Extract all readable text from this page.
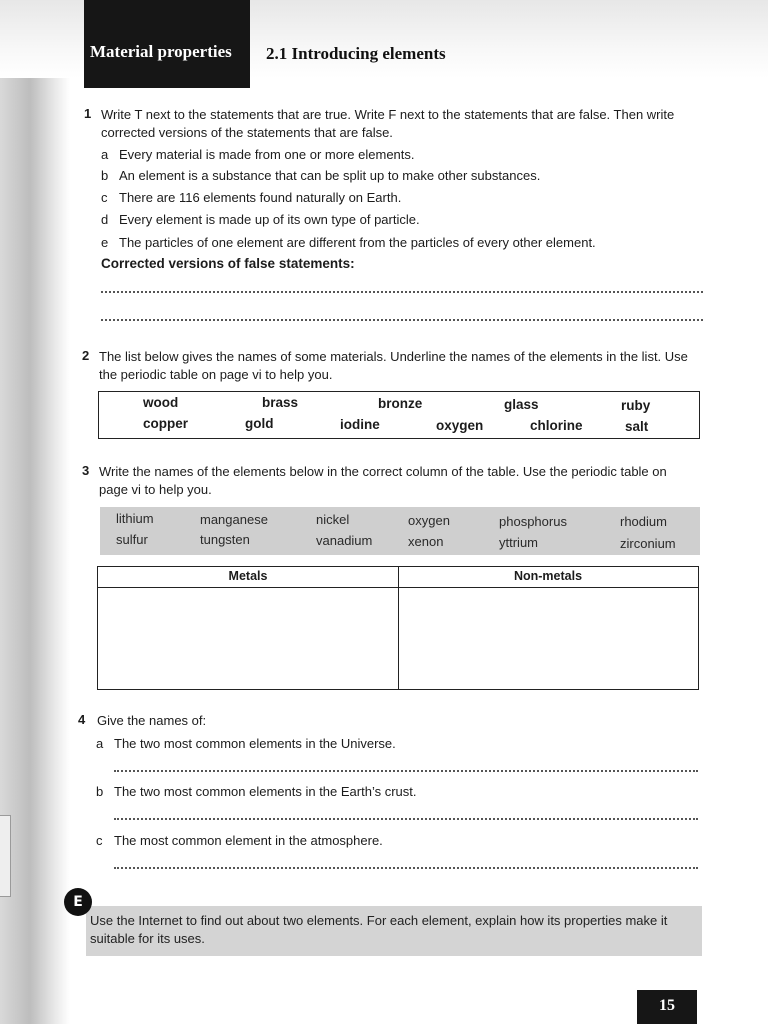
Material properties 2.1 Introducing elements
1 Write T next to the statements that are true. Write F next to the statements that are false. Then write
corrected versions of the statements that are false.
a Every material is made from one or more elements.
b An element is a substance that can be split up to make other substances.
c There are 116 elements found naturally on Earth.
d Every element is made up of its own type of particle.
e The particles of one element are different from the particles of every other element.
Corrected versions of false statements:
2 The list below gives the names of some materials. Underline the names of the elements in the list. Use
the periodic table on page vi to help you.
wood	brass	bronze	glass	ruby
copper	gold	iodine	oxygen	chlorine	salt
3 Write the names of the elements below in the correct column of the table. Use the periodic table on
page vi to help you.
lithium	manganese	nickel	oxygen	phosphorus	rhodium
sulfur	tungsten	vanadium	xenon	yttrium	zirconium
Metals	Non-metals
4 Give the names of:
a The two most common elements in the Universe.
b The two most common elements in the Earth’s crust.
c The most common element in the atmosphere.
E
Use the Internet to find out about two elements. For each element, explain how its properties make it
suitable for its uses.
15
